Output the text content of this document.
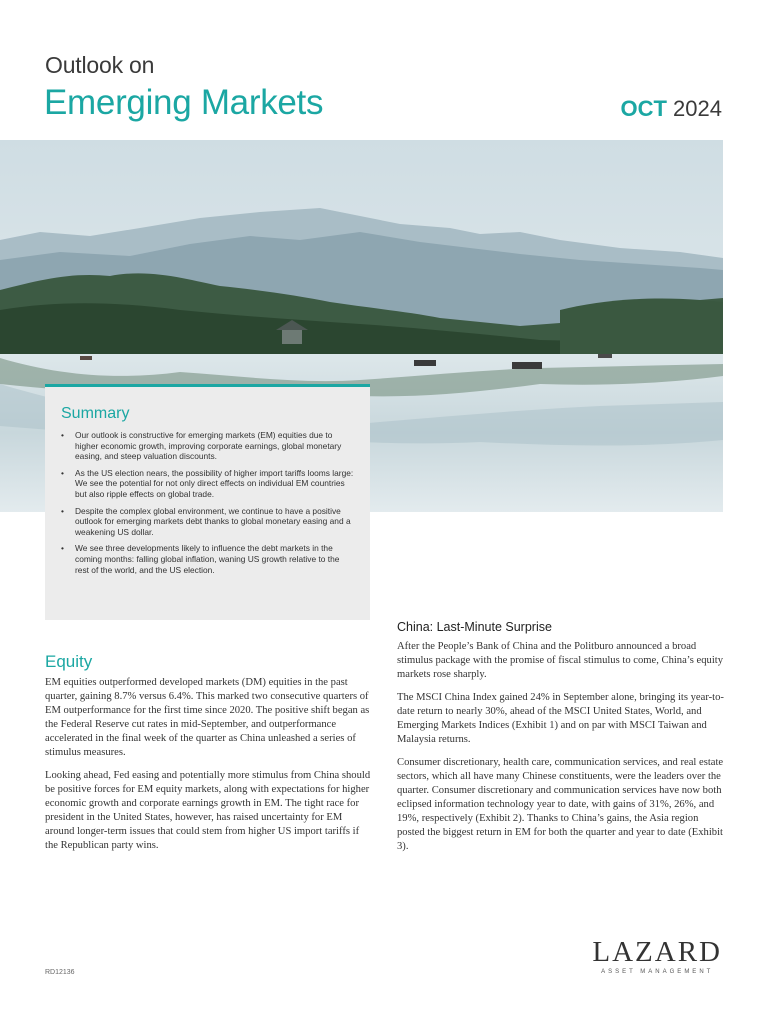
Outlook on
Emerging Markets	OCT 2024
Summary
• Our outlook is constructive for emerging markets (EM) equities due to higher economic growth, improving corporate earnings, global monetary easing, and steep valuation discounts.
• As the US election nears, the possibility of higher import tariffs looms large: We see the potential for not only direct effects on individual EM countries but also ripple effects on global trade.
• Despite the complex global environment, we continue to have a positive outlook for emerging markets debt thanks to global monetary easing and a weakening US dollar.
• We see three developments likely to influence the debt markets in the coming months: falling global inflation, waning US growth relative to the rest of the world, and the US election.
Equity

EM equities outperformed developed markets (DM) equities in the past quarter, gaining 8.7% versus 6.4%. This marked two consecutive quarters of EM outperformance for the first time since 2020. The positive shift began as the Federal Reserve cut rates in mid-September, and outperformance accelerated in the final week of the quarter as China unleashed a series of stimulus measures.

Looking ahead, Fed easing and potentially more stimulus from China should be positive forces for EM equity markets, along with expectations for higher economic growth and corporate earnings growth in EM. The tight race for president in the United States, however, has raised uncertainty for EM around longer-term issues that could stem from higher US import tariffs if the Republican party wins.

China: Last-Minute Surprise

After the People’s Bank of China and the Politburo announced a broad stimulus package with the promise of fiscal stimulus to come, China’s equity markets rose sharply.

The MSCI China Index gained 24% in September alone, bringing its year-to-date return to nearly 30%, ahead of the MSCI United States, World, and Emerging Markets Indices (Exhibit 1) and on par with MSCI Taiwan and Malaysia returns.

Consumer discretionary, health care, communication services, and real estate sectors, which all have many Chinese constituents, were the leaders over the quarter. Consumer discretionary and communication services have now both eclipsed information technology year to date, with gains of 31%, 26%, and 19%, respectively (Exhibit 2). Thanks to China’s gains, the Asia region posted the biggest return in EM for both the quarter and year to date (Exhibit 3).

RD12136
LAZARD
ASSET MANAGEMENT
